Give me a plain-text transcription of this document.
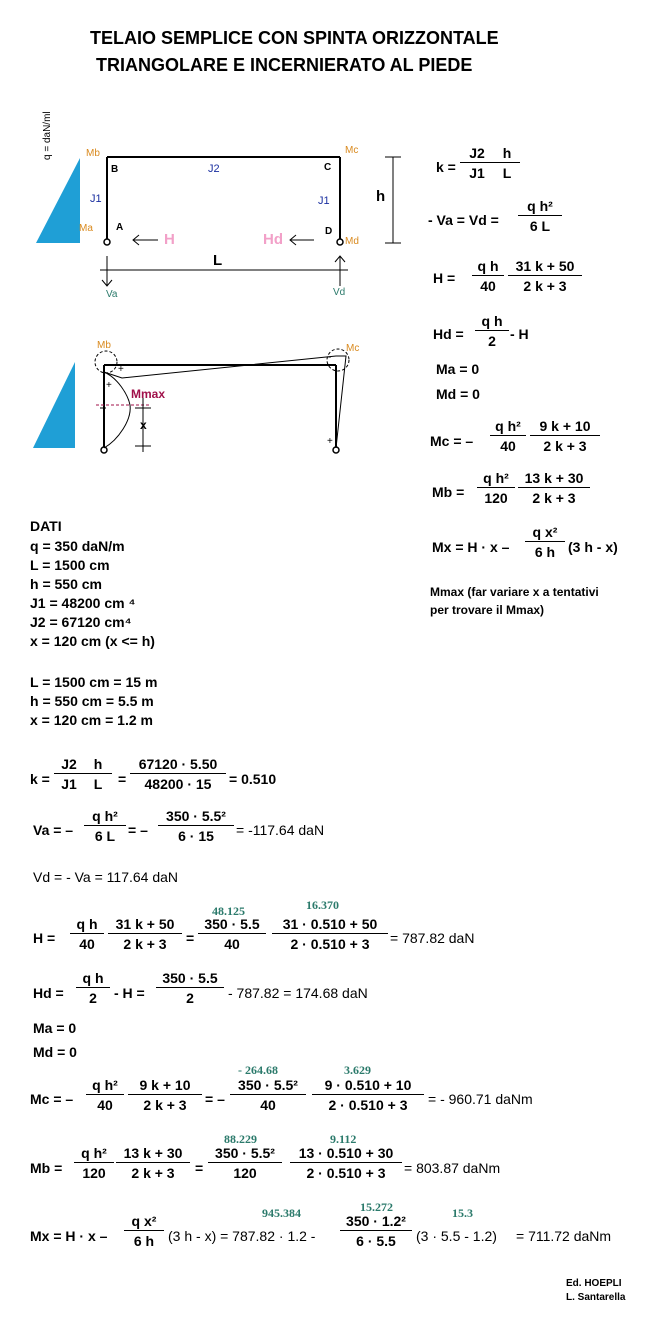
TELAIO SEMPLICE CON SPINTA ORIZZONTALE
TRIANGOLARE E INCERNIERATO AL PIEDE
q = daN/ml	Mb	Mc
Ma
Md
B	C
A	D
J1	J1
J2
H	Hd
h
L
Va	Vd
Mb	Mc
Mmax
x
+
+
+
-
$k = \frac{J2}{J1} \frac{h}{L}$
- $Va = Vd = \frac{\text{q h²}}{6 L}$
$H = \frac{\text{q h}}{40} \frac{31 k + 50}{2 k + 3}$
$Hd = \frac{\text{q h}}{2} - H$
Ma = 0
Md = 0
Mc = – $\frac{\text{q h²}}{40} \frac{9 k + 10}{2 k + 3}$
$Mb = \frac{\text{q h²}}{120} \frac{13 k + 30}{2 k + 3}$
$Mx = H \cdot x - \frac{\text{q x²}}{6 h} (3$ h - x)
Mmax (far variare x a tentativi
per trovare il Mmax)
DATI
q = 350 daN/m
L = 1500 cm
h = 550 cm
J1 = 48200 cm ⁴
J2 = 67120 cm⁴
x = 120 cm (x <= h)
L = 1500 cm = 15 m
h = 550 cm = 5.5 m
x = 120 cm = 1.2 m
$k = \frac{J2}{J1} \frac{h}{L} = \frac{67120 \cdot 5.50}{48200 \cdot 15} = 0.510$
Va = – $\frac{\text{q h²}}{6 L}$ = – $\frac{\text{350 · 5.5²}}{6 \cdot 15} = -117.64$ daN
Vd = - Va = 117.64 daN
48.125	16.370
$H = \frac{\text{q h}}{40} \frac{31 k + 50}{2 k + 3} = \frac{350 \cdot 5.5}{40} \frac{31 \cdot 0.510 + 50}{2 \cdot 0.510 + 3} = 787.82$ daN
$Hd = \frac{\text{q h}}{2} - H = \frac{350 \cdot 5.5}{2} - 787.82 = 174.68$ daN
Ma = 0
Md = 0
- 264.68	3.629
Mc = – $\frac{\text{q h²}}{40} \frac{9 k + 10}{2 k + 3}$ = – $\frac{\text{350 · 5.5²}}{40} \frac{9 \cdot 0.510 + 10}{2 \cdot 0.510 + 3}$ = - 960.71 daNm
88.229	9.112
$Mb = \frac{\text{q h²}}{120} \frac{13 k + 30}{2 k + 3} = \frac{\text{350 · 5.5²}}{120} \frac{13 \cdot 0.510 + 30}{2 \cdot 0.510 + 3} = 803.87$ daNm
945.384	15.272	15.3
$Mx = H \cdot x - \frac{\text{q x²}}{6 h} (3$ $h - x) = 787.82 \cdot 1.2 - \frac{\text{350 · 1.2²}}{6 \cdot 5.5} (3 \cdot 5.5 - 1.2) = 711.72$ daNm
Ed. HOEPLI
L. Santarella
